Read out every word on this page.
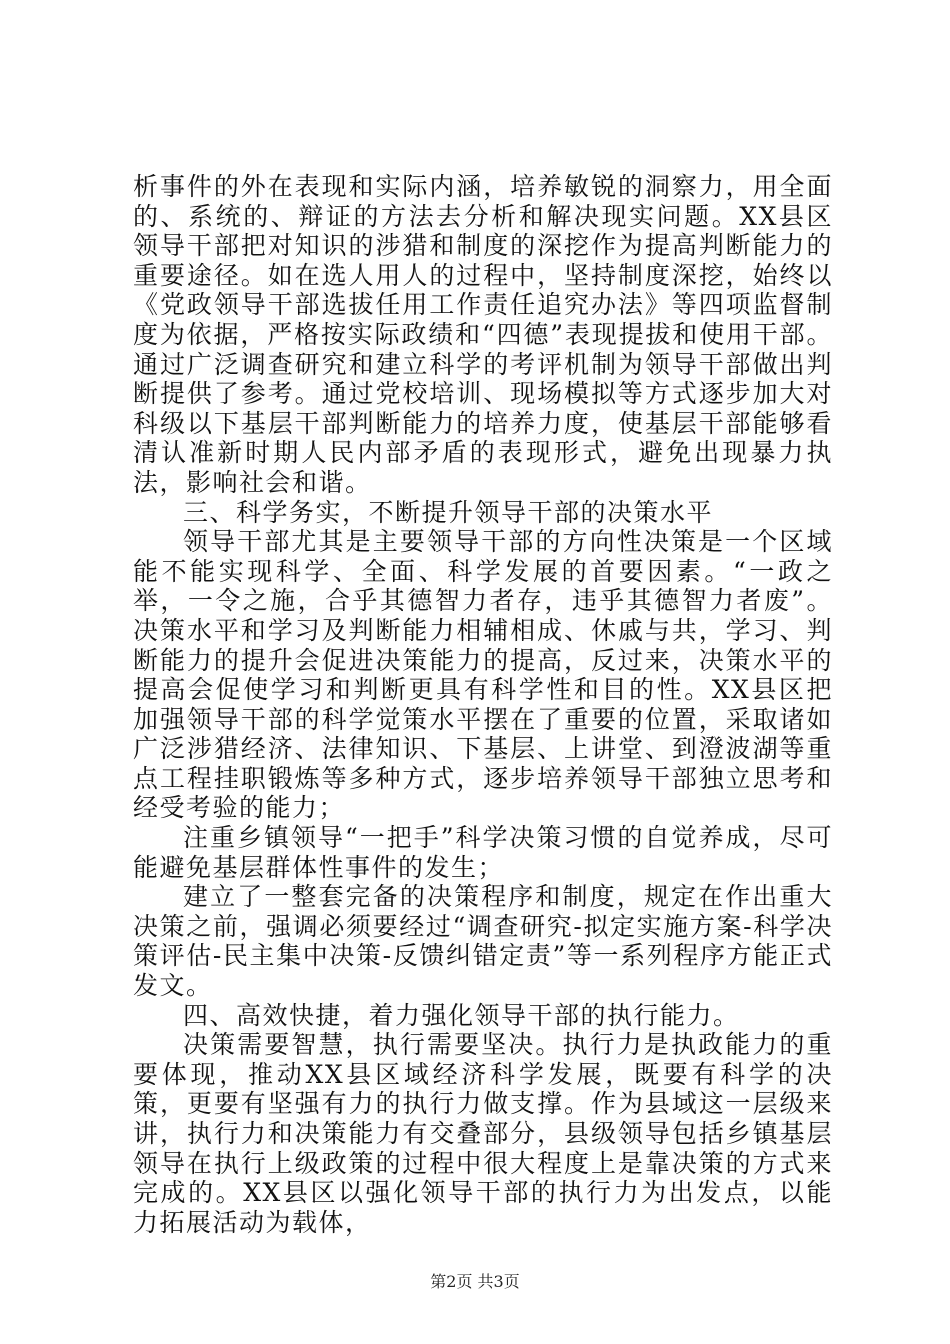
析事件的外在表现和实际内涵，培养敏锐的洞察力，用全面的、系统的、辩证的方法去分析和解决现实问题。XX县区领导干部把对知识的涉猎和制度的深挖作为提高判断能力的重要途径。如在选人用人的过程中，坚持制度深挖，始终以《党政领导干部选拔任用工作责任追究办法》等四项监督制度为依据，严格按实际政绩和“四德”表现提拔和使用干部。通过广泛调查研究和建立科学的考评机制为领导干部做出判断提供了参考。通过党校培训、现场模拟等方式逐步加大对科级以下基层干部判断能力的培养力度，使基层干部能够看清认准新时期人民内部矛盾的表现形式，避免出现暴力执法，影响社会和谐。

三、科学务实，不断提升领导干部的决策水平

领导干部尤其是主要领导干部的方向性决策是一个区域能不能实现科学、全面、科学发展的首要因素。“一政之举，一令之施，合乎其德智力者存，违乎其德智力者废”。决策水平和学习及判断能力相辅相成、休戚与共，学习、判断能力的提升会促进决策能力的提高，反过来，决策水平的提高会促使学习和判断更具有科学性和目的性。XX县区把加强领导干部的科学觉策水平摆在了重要的位置，采取诸如广泛涉猎经济、法律知识、下基层、上讲堂、到澄波湖等重点工程挂职锻炼等多种方式，逐步培养领导干部独立思考和经受考验的能力；

注重乡镇领导“一把手”科学决策习惯的自觉养成，尽可能避免基层群体性事件的发生；

建立了一整套完备的决策程序和制度，规定在作出重大决策之前，强调必须要经过“调查研究-拟定实施方案-科学决策评估-民主集中决策-反馈纠错定责”等一系列程序方能正式发文。

四、高效快捷，着力强化领导干部的执行能力。

决策需要智慧，执行需要坚决。执行力是执政能力的重要体现，推动XX县区域经济科学发展，既要有科学的决策，更要有坚强有力的执行力做支撑。作为县域这一层级来讲，执行力和决策能力有交叠部分，县级领导包括乡镇基层领导在执行上级政策的过程中很大程度上是靠决策的方式来完成的。XX县区以强化领导干部的执行力为出发点，以能力拓展活动为载体，

第2页 共3页
